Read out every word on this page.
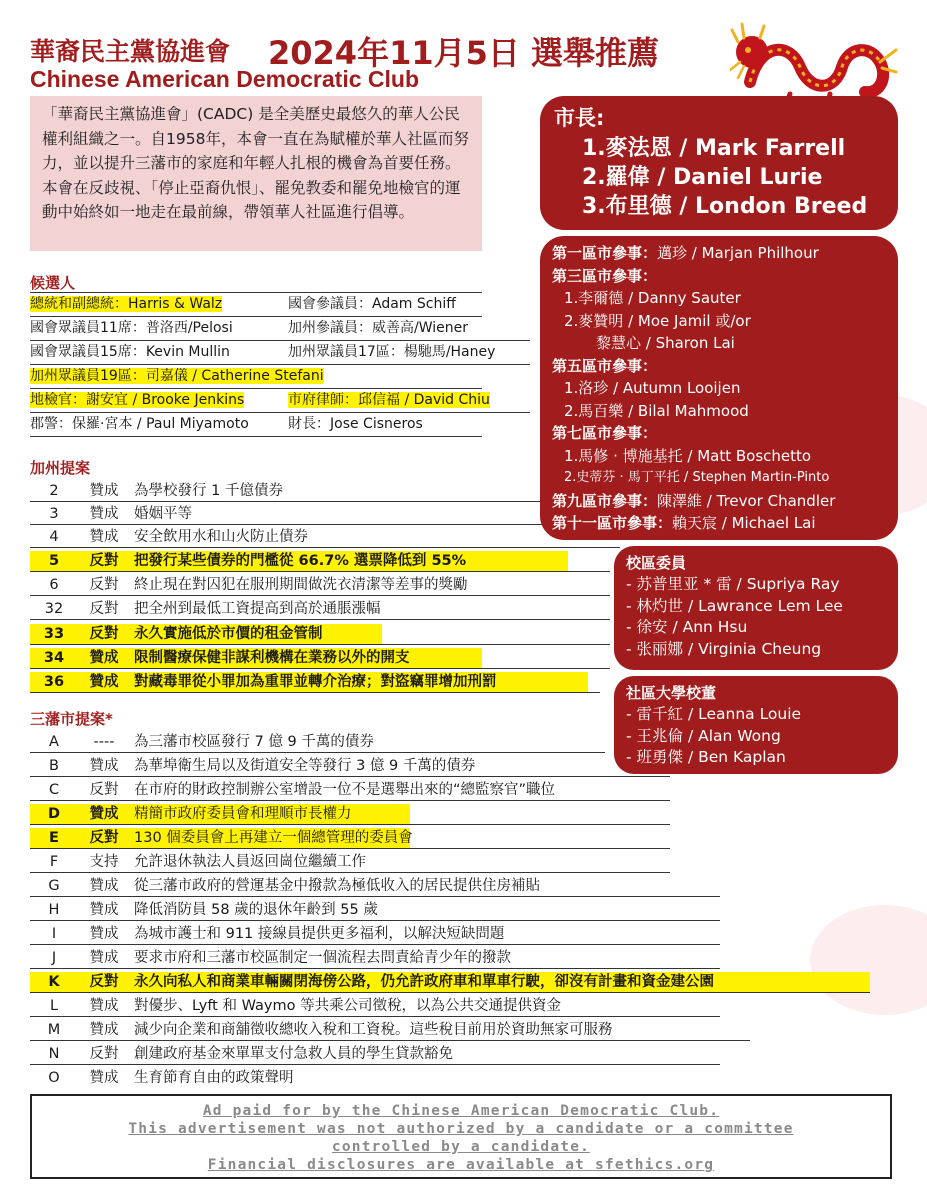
華裔民主黨協進會 2024年11月5日 選舉推薦
Chinese American Democratic Club
「華裔民主黨協進會」(CADC) 是全美歷史最悠久的華人公民權利組織之一。自1958年，本會一直在為賦權於華人社區而努力，並以提升三藩市的家庭和年輕人扎根的機會為首要任務。本會在反歧視、「停止亞裔仇恨」、罷免教委和罷免地檢官的運動中始終如一地走在最前線，帶領華人社區進行倡導。
候選人
總統和副總統：Harris & Walz	國會參議員：Adam Schiff
國會眾議員11席：普洛西/Pelosi	加州參議員：威善高/Wiener
國會眾議員15席：Kevin Mullin	加州眾議員17區：楊馳馬/Haney
加州眾議員19區：司嘉儀 / Catherine Stefani
地檢官：謝安宜 / Brooke Jenkins	市府律師：邱信福 / David Chiu
郡警：保羅·宮本 / Paul Miyamoto	財長：Jose Cisneros
加州提案
2	贊成	為學校發行 1 千億債券
3	贊成	婚姻平等
4	贊成	安全飲用水和山火防止債券
5	反對	把發行某些債券的門檻從 66.7% 選票降低到 55%
6	反對	終止現在對囚犯在服刑期間做洗衣清潔等差事的獎勵
32	反對	把全州到最低工資提高到高於通脹漲幅
33	反對	永久實施低於市價的租金管制
34	贊成	限制醫療保健非謀利機構在業務以外的開支
36	贊成	對藏毒罪從小罪加為重罪並轉介治療；對盜竊罪增加刑罰
三藩市提案*
A	----	為三藩市校區發行 7 億 9 千萬的債券
B	贊成	為華埠衛生局以及街道安全等發行 3 億 9 千萬的債券
C	反對	在市府的財政控制辦公室增設一位不是選舉出來的“總監察官”職位
D	贊成	精簡市政府委員會和理順市長權力
E	反對	130 個委員會上再建立一個總管理的委員會
F	支持	允許退休執法人員返回崗位繼續工作
G	贊成	從三藩市政府的營運基金中撥款為極低收入的居民提供住房補貼
H	贊成	降低消防員 58 歲的退休年齡到 55 歲
I	贊成	為城市護士和 911 接線員提供更多福利，以解決短缺問題
J	贊成	要求市府和三藩市校區制定一個流程去問責給青少年的撥款
K	反對	永久向私人和商業車輛關閉海傍公路，仍允許政府車和單車行駛，卻沒有計畫和資金建公園
L	贊成	對優步、Lyft 和 Waymo 等共乘公司徵稅，以為公共交通提供資金
M	贊成	減少向企業和商舖徵收總收入稅和工資稅。這些稅目前用於資助無家可服務
N	反對	創建政府基金來單單支付急救人員的學生貸款豁免
O	贊成	生育節育自由的政策聲明
市長:
1.麥法恩 / Mark Farrell
2.羅偉 / Daniel Lurie
3.布里德 / London Breed
第一區市參事：邁珍 / Marjan Philhour
第三區市參事：
1.李爾德 / Danny Sauter
2.麥贊明 / Moe Jamil 或/or
黎慧心 / Sharon Lai
第五區市參事：
1.洛珍 / Autumn Looijen
2.馬百樂 / Bilal Mahmood
第七區市參事：
1.馬修 · 博施基托 / Matt Boschetto
2.史蒂芬 · 馬丁平托 / Stephen Martin-Pinto
第九區市參事：陳澤維 / Trevor Chandler
第十一區市參事：賴天宸 / Michael Lai
校區委員
- 苏普里亚 * 雷 / Supriya Ray
- 林灼世 / Lawrance Lem Lee
- 徐安 / Ann Hsu
- 张丽娜 / Virginia Cheung
社區大學校董
- 雷千紅 / Leanna Louie
- 王兆倫 / Alan Wong
- 班勇傑 / Ben Kaplan
Ad paid for by the Chinese American Democratic Club.
This advertisement was not authorized by a candidate or a committee
controlled by a candidate.
Financial disclosures are available at sfethics.org
